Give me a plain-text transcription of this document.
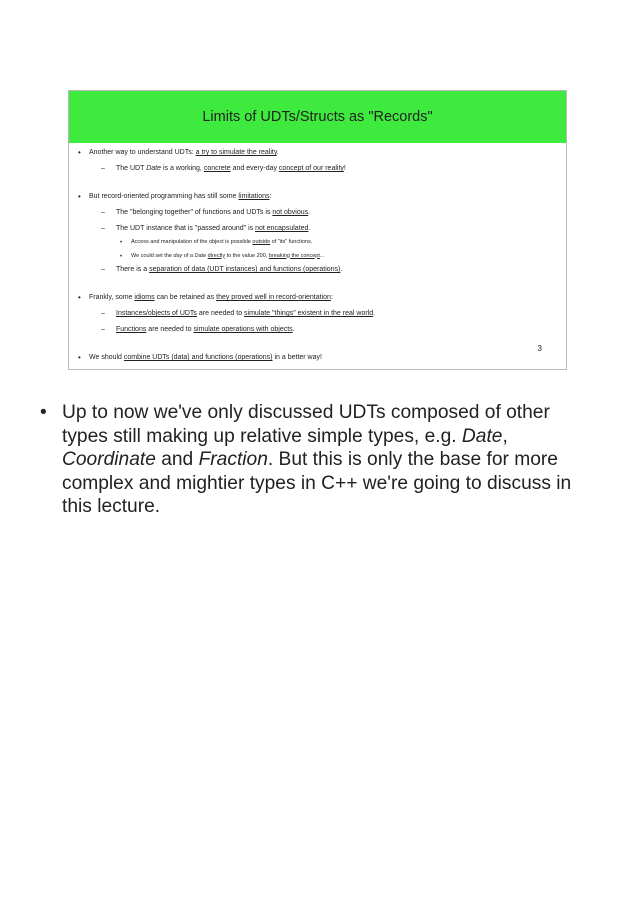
Limits of UDTs/Structs as "Records"
• Another way to understand UDTs: a try to simulate the reality.
– The UDT Date is a working, concrete and every-day concept of our reality!
• But record-oriented programming has still some limitations:
– The "belonging together" of functions and UDTs is not obvious.
– The UDT instance that is "passed around" is not encapsulated.
• Access and manipulation of the object is possible outside of "its" functions.
• We could set the day of a Date directly to the value 200, breaking the concept...
– There is a separation of data (UDT instances) and functions (operations).
• Frankly, some idioms can be retained as they proved well in record-orientation:
– Instances/objects of UDTs are needed to simulate "things" existent in the real world.
– Functions are needed to simulate operations with objects.
• We should combine UDTs (data) and functions (operations) in a better way!
3
• Up to now we've only discussed UDTs composed of other types still making up relative simple types, e.g. Date, Coordinate and Fraction. But this is only the base for more complex and mightier types in C++ we're going to discuss in this lecture.
